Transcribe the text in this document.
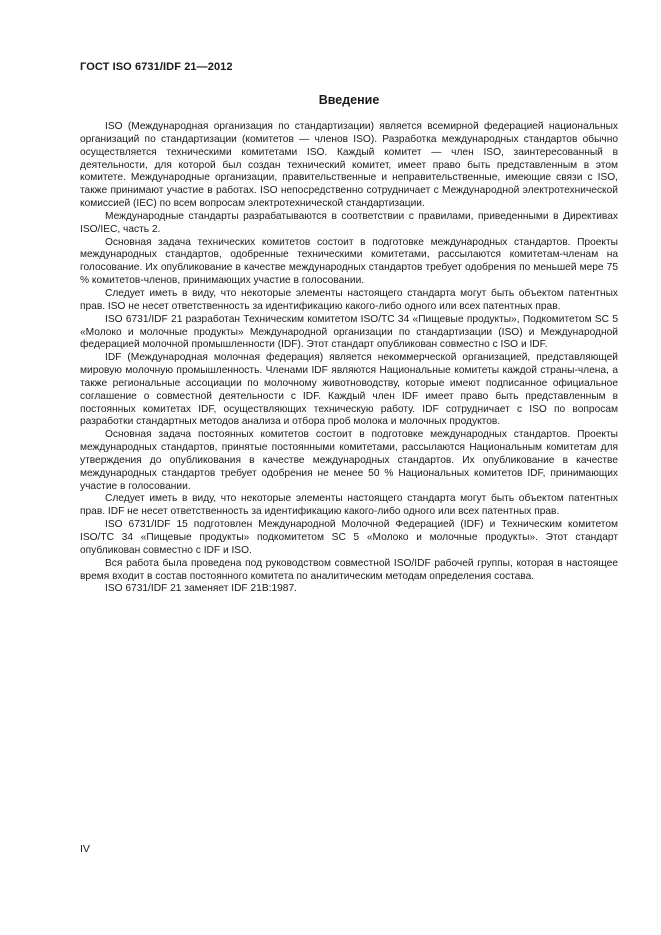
ГОСТ ISO 6731/IDF 21—2012
Введение

ISO (Международная организация по стандартизации) является всемирной федерацией национальных организаций по стандартизации (комитетов — членов ISO). Разработка международных стандартов обычно осуществляется техническими комитетами ISO. Каждый комитет — член ISO, заинтересованный в деятельности, для которой был создан технический комитет, имеет право быть представленным в этом комитете. Международные организации, правительственные и неправительственные, имеющие связи с ISO, также принимают участие в работах. ISO непосредственно сотрудничает с Международной электротехнической комиссией (IEC) по всем вопросам электротехнической стандартизации.

Международные стандарты разрабатываются в соответствии с правилами, приведенными в Директивах ISO/IEC, часть 2.

Основная задача технических комитетов состоит в подготовке международных стандартов. Проекты международных стандартов, одобренные техническими комитетами, рассылаются комитетам-членам на голосование. Их опубликование в качестве международных стандартов требует одобрения по меньшей мере 75 % комитетов-членов, принимающих участие в голосовании.

Следует иметь в виду, что некоторые элементы настоящего стандарта могут быть объектом патентных прав. ISO не несет ответственность за идентификацию какого-либо одного или всех патентных прав.

ISO 6731/IDF 21 разработан Техническим комитетом ISO/TC 34 «Пищевые продукты», Подкомитетом SC 5 «Молоко и молочные продукты» Международной организации по стандартизации (ISO) и Международной федерацией молочной промышленности (IDF). Этот стандарт опубликован совместно с ISO и IDF.

IDF (Международная молочная федерация) является некоммерческой организацией, представляющей мировую молочную промышленность. Членами IDF являются Национальные комитеты каждой страны-члена, а также региональные ассоциации по молочному животноводству, которые имеют подписанное официальное соглашение о совместной деятельности с IDF. Каждый член IDF имеет право быть представленным в постоянных комитетах IDF, осуществляющих техническую работу. IDF сотрудничает с ISO по вопросам разработки стандартных методов анализа и отбора проб молока и молочных продуктов.

Основная задача постоянных комитетов состоит в подготовке международных стандартов. Проекты международных стандартов, принятые постоянными комитетами, рассылаются Национальным комитетам для утверждения до опубликования в качестве международных стандартов. Их опубликование в качестве международных стандартов требует одобрения не менее 50 % Национальных комитетов IDF, принимающих участие в голосовании.

Следует иметь в виду, что некоторые элементы настоящего стандарта могут быть объектом патентных прав. IDF не несет ответственность за идентификацию какого-либо одного или всех патентных прав.

ISO 6731/IDF 15 подготовлен Международной Молочной Федерацией (IDF) и Техническим комитетом ISO/TC 34 «Пищевые продукты» подкомитетом SC 5 «Молоко и молочные продукты». Этот стандарт опубликован совместно с IDF и ISO.

Вся работа была проведена под руководством совместной ISO/IDF рабочей группы, которая в настоящее время входит в состав постоянного комитета по аналитическим методам определения состава.

ISO 6731/IDF 21 заменяет IDF 21B:1987.

IV
